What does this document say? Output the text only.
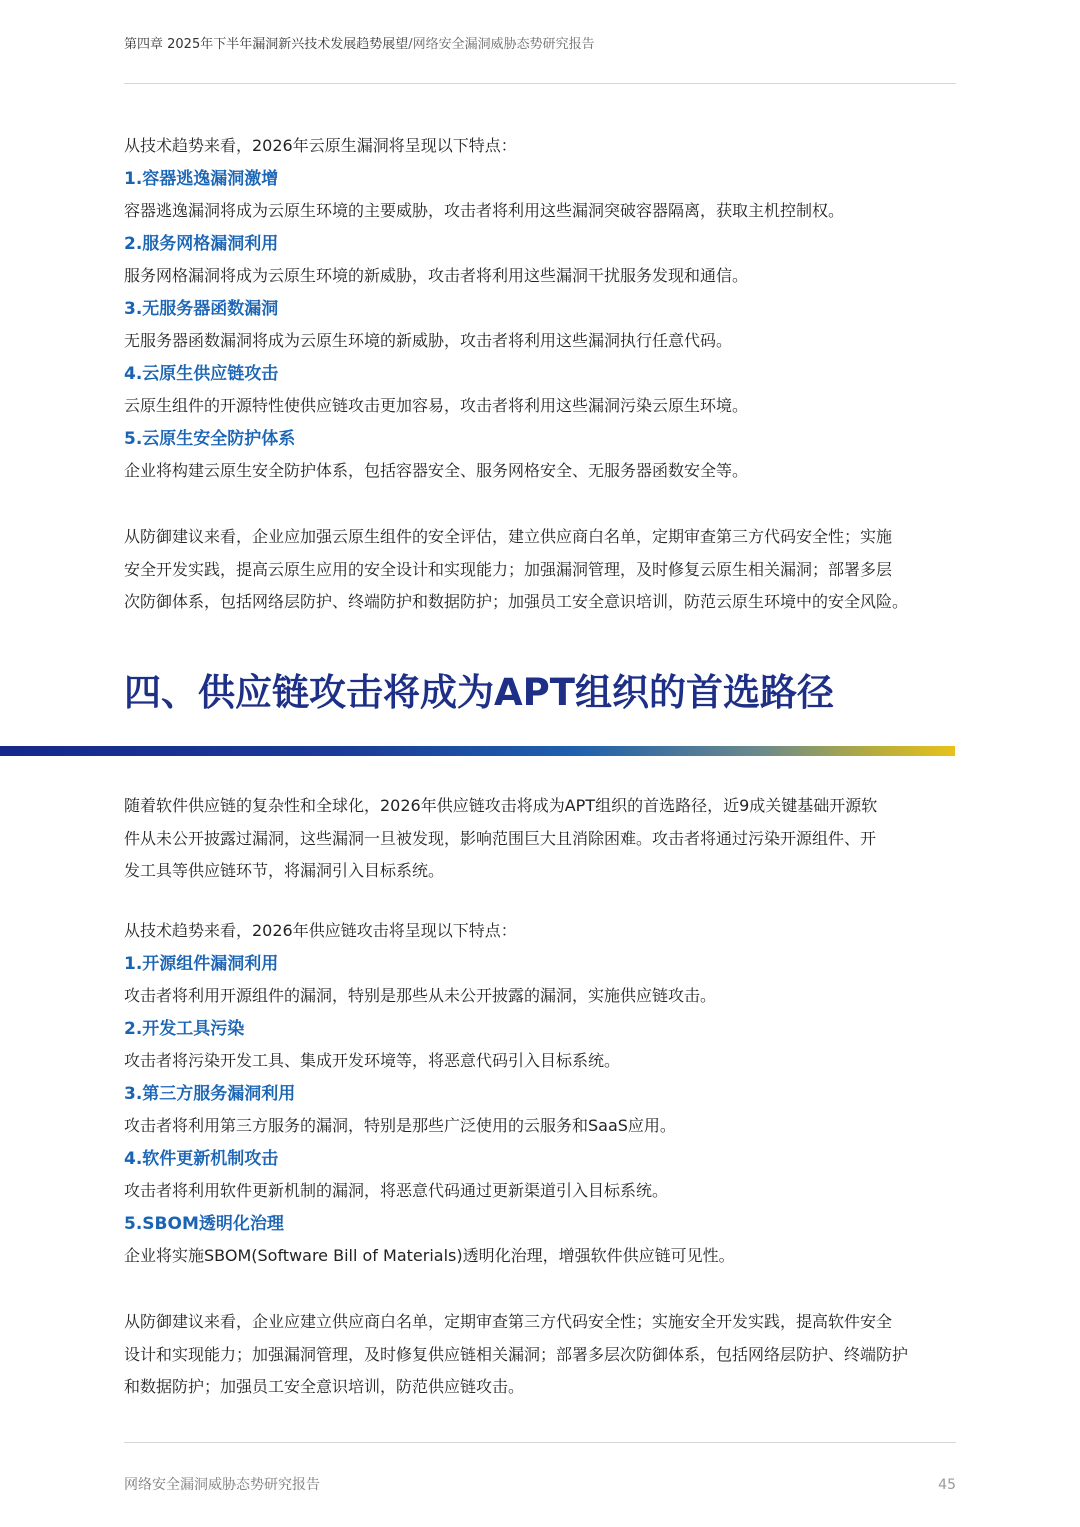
第四章 2025年下半年漏洞新兴技术发展趋势展望/网络安全漏洞威胁态势研究报告

从技术趋势来看，2026年云原生漏洞将呈现以下特点：

1.容器逃逸漏洞激增

容器逃逸漏洞将成为云原生环境的主要威胁，攻击者将利用这些漏洞突破容器隔离，获取主机控制权。

2.服务网格漏洞利用

服务网格漏洞将成为云原生环境的新威胁，攻击者将利用这些漏洞干扰服务发现和通信。

3.无服务器函数漏洞

无服务器函数漏洞将成为云原生环境的新威胁，攻击者将利用这些漏洞执行任意代码。

4.云原生供应链攻击

云原生组件的开源特性使供应链攻击更加容易，攻击者将利用这些漏洞污染云原生环境。

5.云原生安全防护体系

企业将构建云原生安全防护体系，包括容器安全、服务网格安全、无服务器函数安全等。

从防御建议来看，企业应加强云原生组件的安全评估，建立供应商白名单，定期审查第三方代码安全性；实施

安全开发实践，提高云原生应用的安全设计和实现能力；加强漏洞管理，及时修复云原生相关漏洞；部署多层

次防御体系，包括网络层防护、终端防护和数据防护；加强员工安全意识培训，防范云原生环境中的安全风险。

四、供应链攻击将成为APT组织的首选路径

随着软件供应链的复杂性和全球化，2026年供应链攻击将成为APT组织的首选路径，近9成关键基础开源软

件从未公开披露过漏洞，这些漏洞一旦被发现，影响范围巨大且消除困难。攻击者将通过污染开源组件、开

发工具等供应链环节，将漏洞引入目标系统。

从技术趋势来看，2026年供应链攻击将呈现以下特点：

1.开源组件漏洞利用

攻击者将利用开源组件的漏洞，特别是那些从未公开披露的漏洞，实施供应链攻击。

2.开发工具污染

攻击者将污染开发工具、集成开发环境等，将恶意代码引入目标系统。

3.第三方服务漏洞利用

攻击者将利用第三方服务的漏洞，特别是那些广泛使用的云服务和SaaS应用。

4.软件更新机制攻击

攻击者将利用软件更新机制的漏洞，将恶意代码通过更新渠道引入目标系统。

5.SBOM透明化治理

企业将实施SBOM(Software Bill of Materials)透明化治理，增强软件供应链可见性。

从防御建议来看，企业应建立供应商白名单，定期审查第三方代码安全性；实施安全开发实践，提高软件安全

设计和实现能力；加强漏洞管理，及时修复供应链相关漏洞；部署多层次防御体系，包括网络层防护、终端防护

和数据防护；加强员工安全意识培训，防范供应链攻击。

网络安全漏洞威胁态势研究报告	45
